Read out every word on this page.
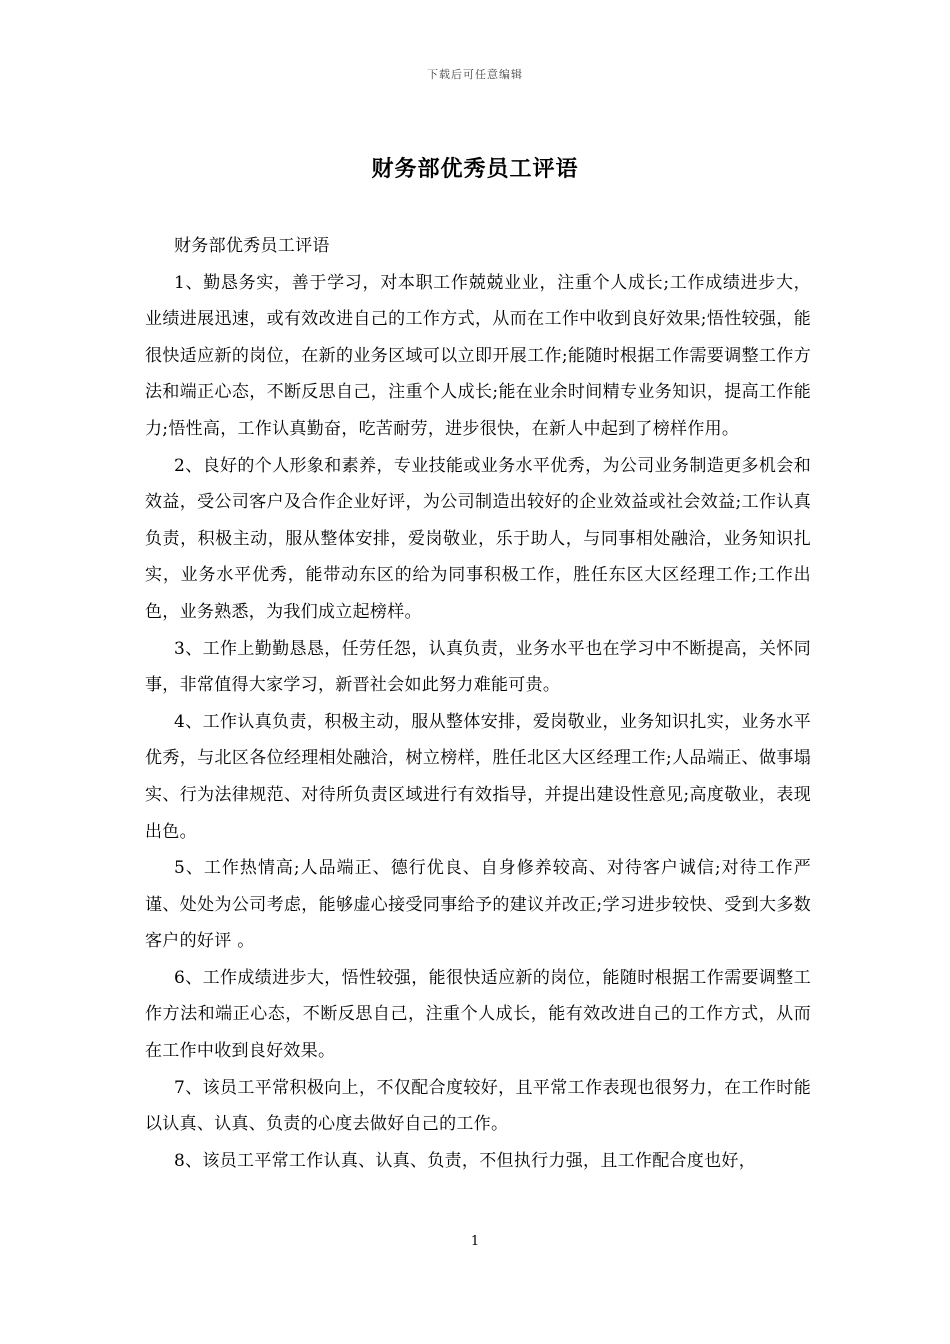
下载后可任意编辑
财务部优秀员工评语

财务部优秀员工评语

1、勤恳务实，善于学习，对本职工作兢兢业业，注重个人成长;工作成绩进步大，业绩进展迅速，或有效改进自己的工作方式，从而在工作中收到良好效果;悟性较强，能很快适应新的岗位，在新的业务区域可以立即开展工作;能随时根据工作需要调整工作方法和端正心态，不断反思自己，注重个人成长;能在业余时间精专业务知识，提高工作能力;悟性高，工作认真勤奋，吃苦耐劳，进步很快，在新人中起到了榜样作用。

2、良好的个人形象和素养，专业技能或业务水平优秀，为公司业务制造更多机会和效益，受公司客户及合作企业好评，为公司制造出较好的企业效益或社会效益;工作认真负责，积极主动，服从整体安排，爱岗敬业，乐于助人，与同事相处融洽，业务知识扎实，业务水平优秀，能带动东区的给为同事积极工作，胜任东区大区经理工作;工作出色，业务熟悉，为我们成立起榜样。

3、工作上勤勤恳恳，任劳任怨，认真负责，业务水平也在学习中不断提高，关怀同事，非常值得大家学习，新晋社会如此努力难能可贵。

4、工作认真负责，积极主动，服从整体安排，爱岗敬业，业务知识扎实，业务水平优秀，与北区各位经理相处融洽，树立榜样，胜任北区大区经理工作;人品端正、做事塌实、行为法律规范、对待所负责区域进行有效指导，并提出建设性意见;高度敬业，表现出色。

5、工作热情高;人品端正、德行优良、自身修养较高、对待客户诚信;对待工作严谨、处处为公司考虑，能够虚心接受同事给予的建议并改正;学习进步较快、受到大多数客户的好评 。

6、工作成绩进步大，悟性较强，能很快适应新的岗位，能随时根据工作需要调整工作方法和端正心态，不断反思自己，注重个人成长，能有效改进自己的工作方式，从而在工作中收到良好效果。

7、该员工平常积极向上，不仅配合度较好，且平常工作表现也很努力，在工作时能以认真、认真、负责的心度去做好自己的工作。

8、该员工平常工作认真、认真、负责，不但执行力强，且工作配合度也好，

1
